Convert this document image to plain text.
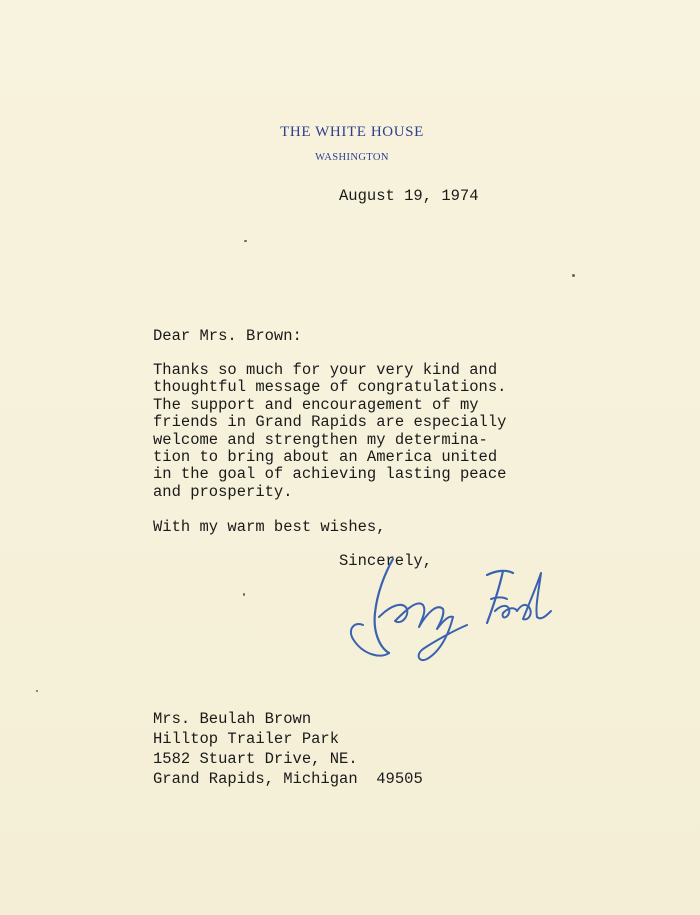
THE WHITE HOUSE
WASHINGTON
August 19, 1974
Dear Mrs. Brown:
Thanks so much for your very kind and
thoughtful message of congratulations.
The support and encouragement of my
friends in Grand Rapids are especially
welcome and strengthen my determina-
tion to bring about an America united
in the goal of achieving lasting peace
and prosperity.
With my warm best wishes,
Sincerely,
Mrs. Beulah Brown
Hilltop Trailer Park
1582 Stuart Drive, NE.
Grand Rapids, Michigan  49505
